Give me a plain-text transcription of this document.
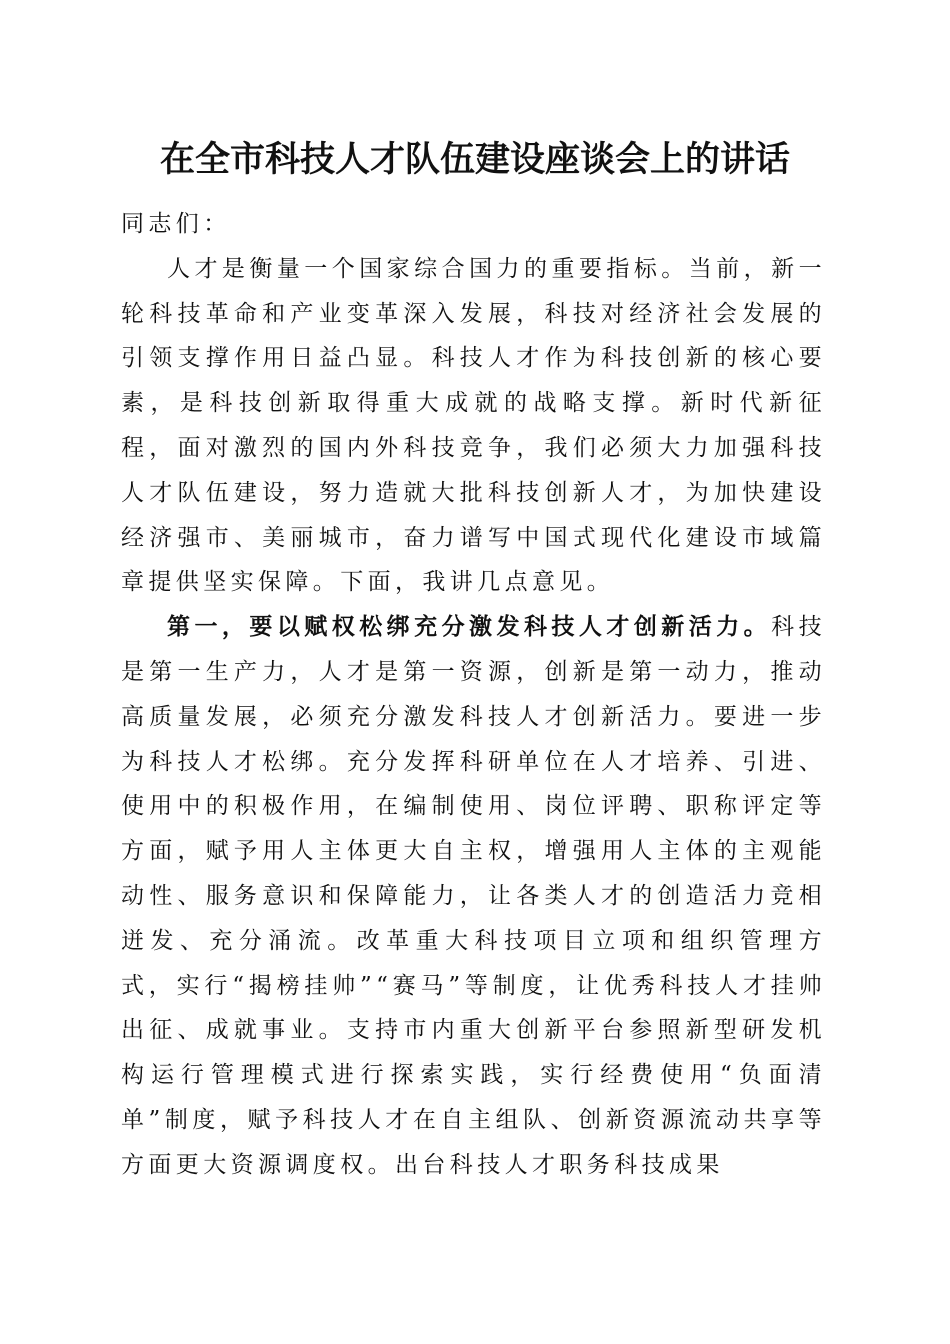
在全市科技人才队伍建设座谈会上的讲话

同志们：

人才是衡量一个国家综合国力的重要指标。当前，新一轮科技革命和产业变革深入发展，科技对经济社会发展的引领支撑作用日益凸显。科技人才作为科技创新的核心要素，是科技创新取得重大成就的战略支撑。新时代新征程，面对激烈的国内外科技竞争，我们必须大力加强科技人才队伍建设，努力造就大批科技创新人才，为加快建设经济强市、美丽城市，奋力谱写中国式现代化建设市域篇章提供坚实保障。下面，我讲几点意见。

第一，要以赋权松绑充分激发科技人才创新活力。科技是第一生产力，人才是第一资源，创新是第一动力，推动高质量发展，必须充分激发科技人才创新活力。要进一步为科技人才松绑。充分发挥科研单位在人才培养、引进、使用中的积极作用，在编制使用、岗位评聘、职称评定等方面，赋予用人主体更大自主权，增强用人主体的主观能动性、服务意识和保障能力，让各类人才的创造活力竞相迸发、充分涌流。改革重大科技项目立项和组织管理方式，实行“揭榜挂帅”“赛马”等制度，让优秀科技人才挂帅出征、成就事业。支持市内重大创新平台参照新型研发机构运行管理模式进行探索实践，实行经费使用“负面清单”制度，赋予科技人才在自主组队、创新资源流动共享等方面更大资源调度权。出台科技人才职务科技成果
